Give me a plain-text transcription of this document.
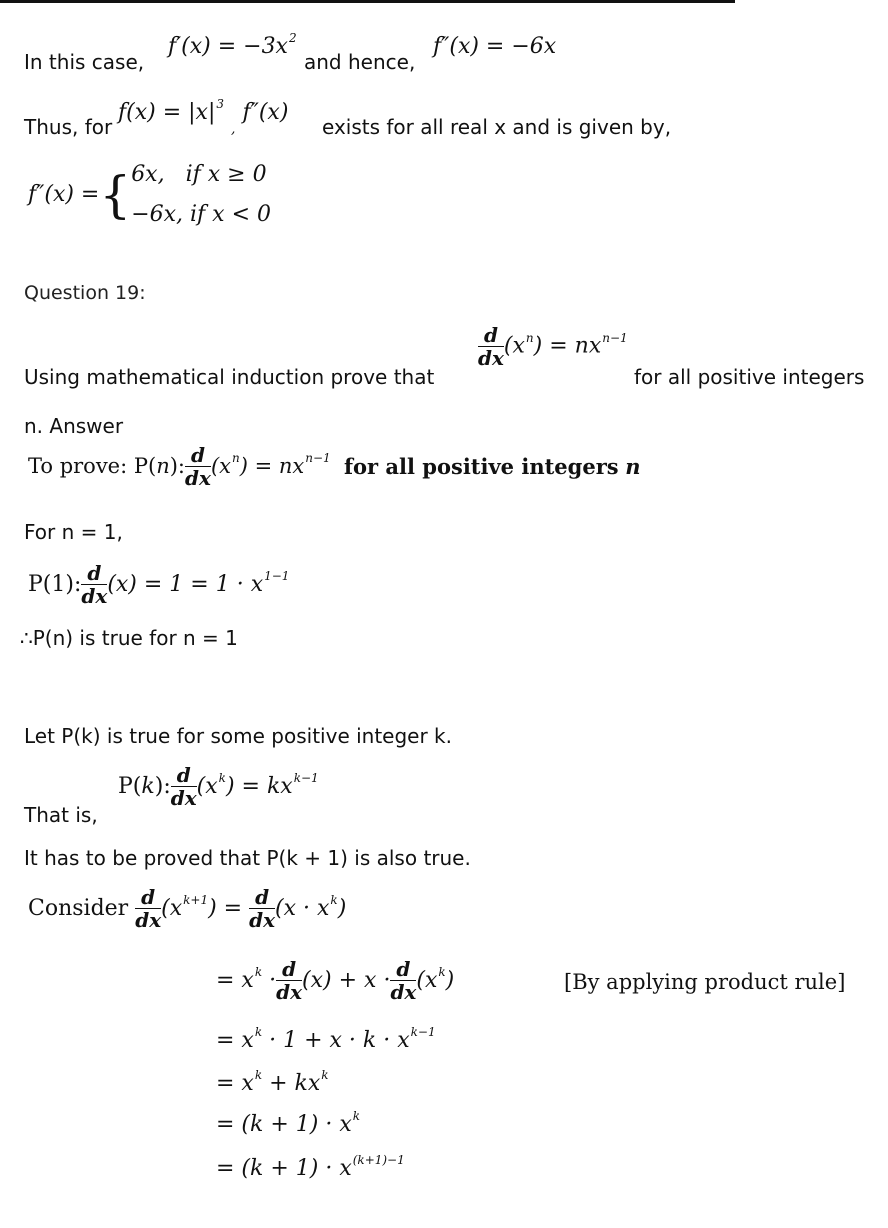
In this case,
$f'(x) = -3x^2$
and hence,
f″(x) = −6x
Thus, for
$f(x) = |x|^3$ $_,$ f″(x)
exists for all real x and is given by,
f″(x) ={ 6x,   if x ≥ 0
−6x, if x < 0
Question 19:
$\frac{d}{dx} (x^n) = nx^{n-1}$
Using mathematical induction prove that	for all positive integers
n. Answer
To prove: P(n): $\frac{d}{dx} (x^n) = nx^{n-1}$ for all positive integers n
For n = 1,
P(1): $\frac{d}{dx} (x) = 1 = 1 \cdot x^{1-1}$
∴P(n) is true for n = 1
Let P(k) is true for some positive integer k.
P(k): $\frac{d}{dx} (x^k) = kx^{k-1}$
That is,
It has to be proved that P(k + 1) is also true.
Consider $\frac{d}{dx} (x^{k+1}) = \frac{d}{dx} (x \cdot x^k)$
= $x^k \cdot \frac{d}{dx} (x) + x \cdot \frac{d}{dx} (x^k)$	[By applying product rule]
= $x^k \cdot 1 + x \cdot k \cdot x^{k-1}$
= $x^k + kx^k$
= $(k + 1) \cdot x^k$
= $(k + 1) \cdot x^{(k+1)-1}$
